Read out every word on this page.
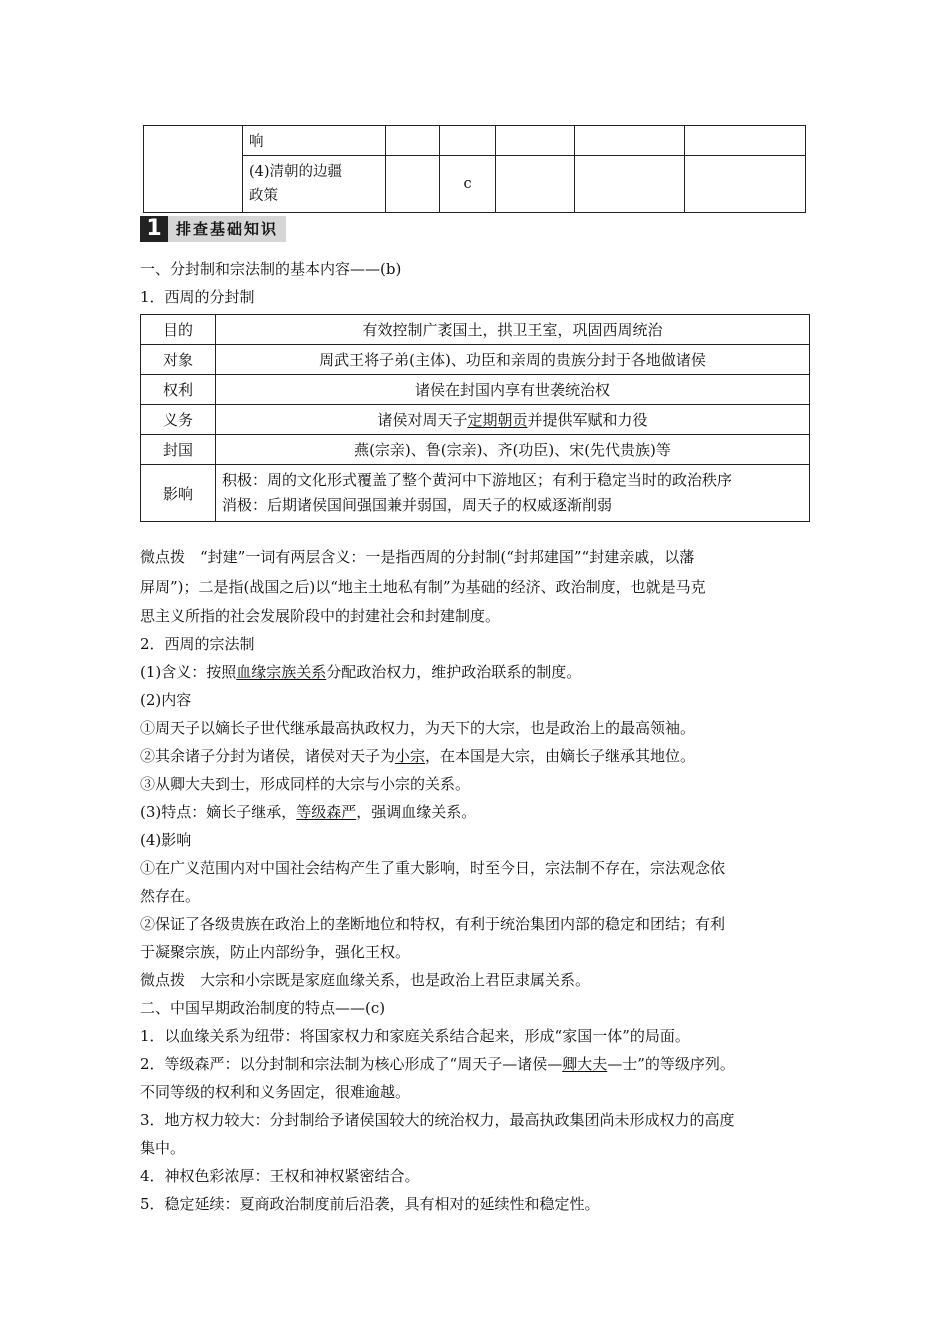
	响					

	(4)清朝的边疆
政策		c			
1 排查基础知识
一、分封制和宗法制的基本内容——(b)
1．西周的分封制
目的	有效控制广袤国土，拱卫王室，巩固西周统治
对象	周武王将子弟(主体)、功臣和亲周的贵族分封于各地做诸侯
权利	诸侯在封国内享有世袭统治权
义务	诸侯对周天子定期朝贡并提供军赋和力役
封国	燕(宗亲)、鲁(宗亲)、齐(功臣)、宋(先代贵族)等
影响	积极：周的文化形式覆盖了整个黄河中下游地区；有利于稳定当时的政治秩序
消极：后期诸侯国间强国兼并弱国，周天子的权威逐渐削弱
微点拨　“封建”一词有两层含义：一是指西周的分封制(“封邦建国”“封建亲戚，以藩
屏周”)；二是指(战国之后)以“地主土地私有制”为基础的经济、政治制度，也就是马克
思主义所指的社会发展阶段中的封建社会和封建制度。
2．西周的宗法制
(1)含义：按照血缘宗族关系分配政治权力，维护政治联系的制度。
(2)内容
①周天子以嫡长子世代继承最高执政权力，为天下的大宗，也是政治上的最高领袖。
②其余诸子分封为诸侯，诸侯对天子为小宗，在本国是大宗，由嫡长子继承其地位。
③从卿大夫到士，形成同样的大宗与小宗的关系。
(3)特点：嫡长子继承，等级森严，强调血缘关系。
(4)影响
①在广义范围内对中国社会结构产生了重大影响，时至今日，宗法制不存在，宗法观念依
然存在。
②保证了各级贵族在政治上的垄断地位和特权，有利于统治集团内部的稳定和团结；有利
于凝聚宗族，防止内部纷争，强化王权。
微点拨　大宗和小宗既是家庭血缘关系，也是政治上君臣隶属关系。
二、中国早期政治制度的特点——(c)
1．以血缘关系为纽带：将国家权力和家庭关系结合起来，形成“家国一体”的局面。
2．等级森严：以分封制和宗法制为核心形成了“周天子—诸侯—卿大夫—士”的等级序列。
不同等级的权利和义务固定，很难逾越。
3．地方权力较大：分封制给予诸侯国较大的统治权力，最高执政集团尚未形成权力的高度
集中。
4．神权色彩浓厚：王权和神权紧密结合。
5．稳定延续：夏商政治制度前后沿袭，具有相对的延续性和稳定性。
